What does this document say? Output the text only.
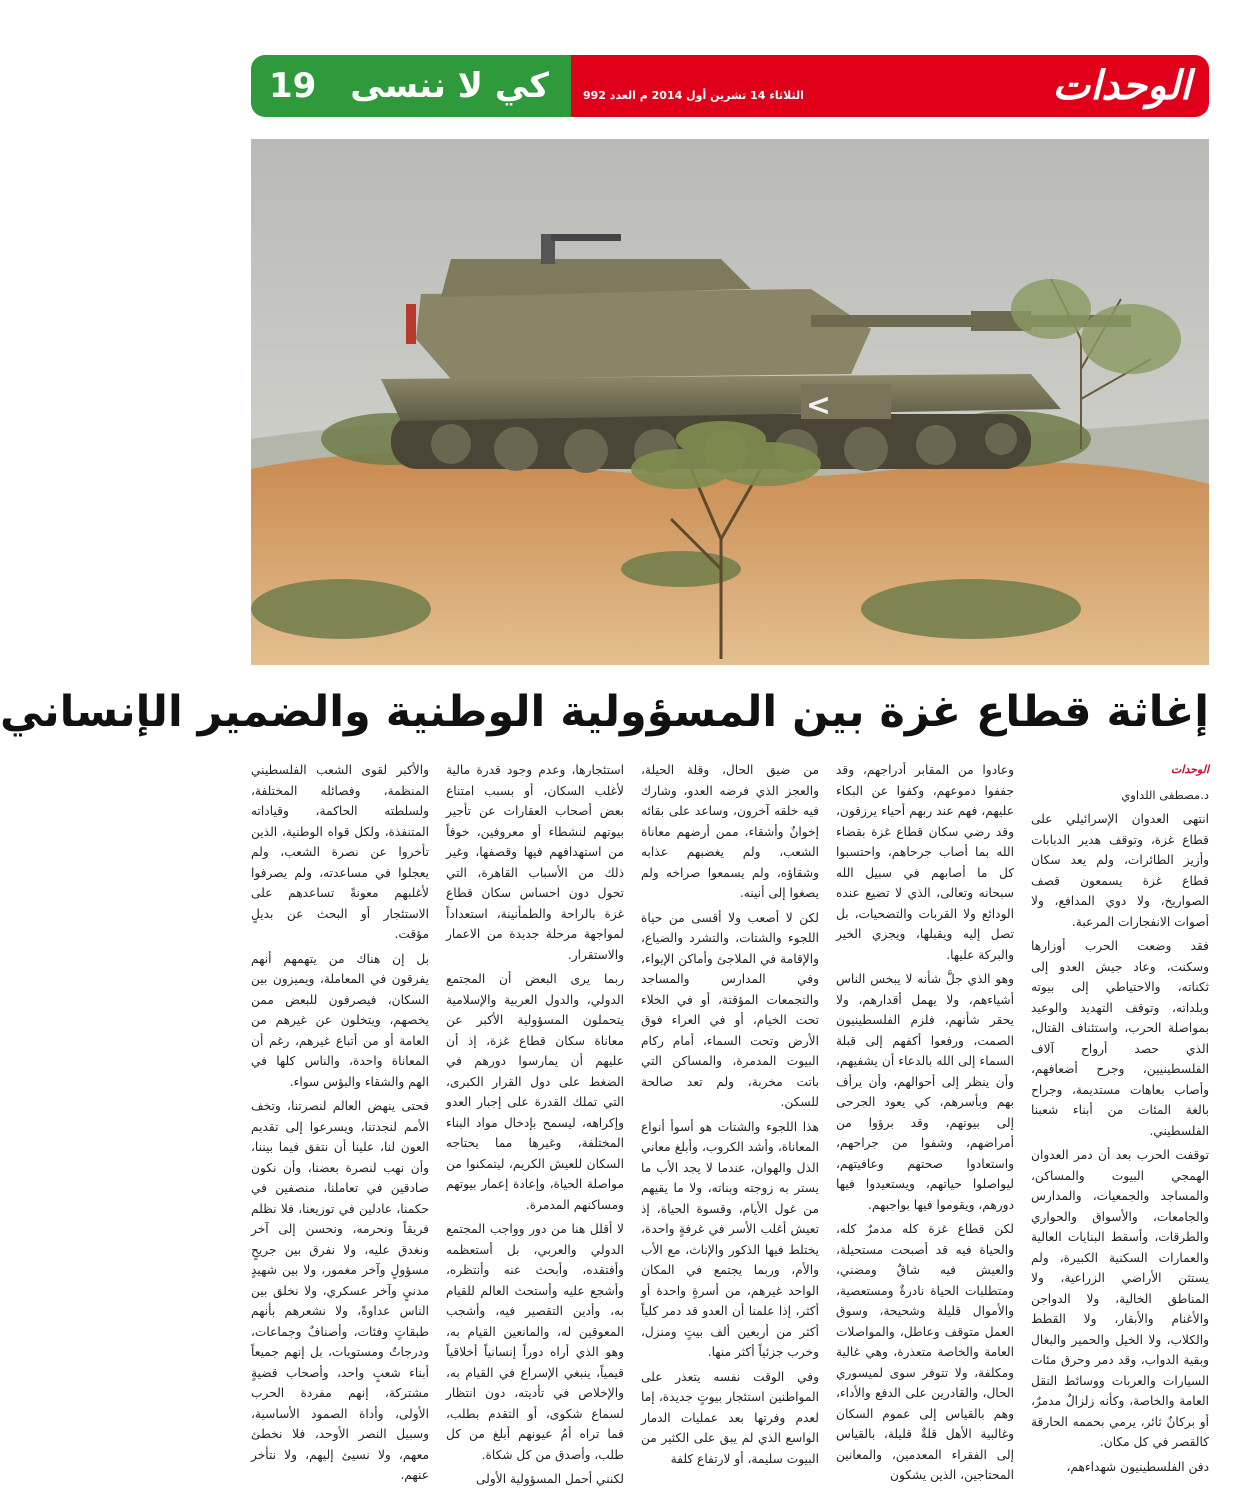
الوحدات
كي لا ننسى
19	الثلاثاء 14 تشرين أول 2014 م العدد 992
>
إغاثة قطاع غزة بين المسؤولية الوطنية والضمير الإنساني

الوحدات

د.مصطفى اللداوي

انتهى العدوان الإسرائيلي على قطاع غزة، وتوقف هدير الدبابات وأزيز الطائرات، ولم يعد سكان قطاع غزة يسمعون قصف الصواريخ، ولا دوي المدافع، ولا أصوات الانفجارات المرعبة.

فقد وضعت الحرب أوزارها وسكنت، وعاد جيش العدو إلى ثكناته، والاحتياطي إلى بيوته وبلداته، وتوقف التهديد والوعيد بمواصلة الحرب، واستئناف القتال، الذي حصد أرواح آلاف الفلسطينيين، وجرح أضعافهم، وأصاب بعاهات مستديمة، وجراح بالغة المئات من أبناء شعبنا الفلسطيني.

توقفت الحرب بعد أن دمر العدوان الهمجي البيوت والمساكن، والمساجد والجمعيات، والمدارس والجامعات، والأسواق والحواري والطرقات، وأسقط البنايات العالية والعمارات السكنية الكبيرة، ولم يستثن الأراضي الزراعية، ولا المناطق الخالية، ولا الدواجن والأغنام والأبقار، ولا القطط والكلاب، ولا الخيل والحمير والبغال وبقية الدواب، وقد دمر وحرق مئات السيارات والعربات ووسائط النقل العامة والخاصة، وكأنه زلزالٌ مدمرٌ، أو بركانٌ ثائر، يرمي بحممه الحارقة كالقصر في كل مكان.

دفن الفلسطينيون شهداءهم،

وعادوا من المقابر أدراجهم، وقد جففوا دموعهم، وكفوا عن البكاء عليهم، فهم عند ربهم أحياء يرزقون، وقد رضي سكان قطاع غزة بقضاء الله بما أصاب جرحاهم، واحتسبوا كل ما أصابهم في سبيل الله سبحانه وتعالى، الذي لا تضيع عنده الودائع ولا القربات والتضحيات، بل تصل إليه ويقبلها، ويجزي الخير والبركة عليها.

وهو الذي جلَّ شأنه لا يبخس الناس أشياءهم، ولا يهمل أقدارهم، ولا يحقر شأنهم، فلزم الفلسطينيون الصمت، ورفعوا أكفهم إلى قبلة السماء إلى الله بالدعاء أن يشفيهم، وأن ينظر إلى أحوالهم، وأن يرأف بهم وبأسرهم، كي يعود الجرحى إلى بيوتهم، وقد برؤوا من أمراضهم، وشفوا من جراحهم، واستعادوا صحتهم وعافيتهم، ليواصلوا حياتهم، ويستعيدوا فيها دورهم، ويقوموا فيها بواجبهم.

لكن قطاع غزة كله مدمرٌ كله، والحياة فيه قد أصبحت مستحيلة، والعيش فيه شاقٌ ومضني، ومتطلبات الحياة نادرةٌ ومستعصية، والأموال قليلة وشحيحة، وسوق العمل متوقف وعاطل، والمواصلات العامة والخاصة متعذرة، وهي غالية ومكلفة، ولا تتوفر سوى لميسوري الحال، والقادرين على الدفع والأداء، وهم بالقياس إلى عموم السكان وغالبية الأهل قلةٌ قليلة، بالقياس إلى الفقراء المعدمين، والمعانين المحتاجين، الذين يشكون

من ضيق الحال، وقلة الحيلة، والعجز الذي فرضه العدو، وشارك فيه خلقه آخرون، وساعد على بقائه إخوانٌ وأشقاء، ممن أرضهم معاناة الشعب، ولم يغضبهم عذابه وشقاؤه، ولم يسمعوا صراخه ولم يصغوا إلى أنينه.

لكن لا أصعب ولا أقسى من حياة اللجوء والشتات، والتشرد والضياع، والإقامة في الملاجئ وأماكن الإيواء، وفي المدارس والمساجد والتجمعات المؤقتة، أو في الخلاء تحت الخيام، أو في العراء فوق الأرض وتحت السماء، أمام ركام البيوت المدمرة، والمساكن التي باتت مخربة، ولم تعد صالحة للسكن.

هذا اللجوء والشتات هو أسوأ أنواع المعاناة، وأشد الكروب، وأبلغ معاني الذل والهوان، عندما لا يجد الأب ما يستر به زوجته وبناته، ولا ما يقيهم من غول الأيام، وقسوة الحياة، إذ تعيش أغلب الأسر في غرفةٍ واحدة، يختلط فيها الذكور والإناث، مع الأب والأم، وربما يجتمع في المكان الواحد غيرهم، من أسرةٍ واحدة أو أكثر، إذا علمنا أن العدو قد دمر كلياً أكثر من أربعين ألف بيتٍ ومنزل، وخرب جزئياً أكثر منها.

وفي الوقت نفسه يتعذر على المواطنين استئجار بيوتٍ جديدة، إما لعدم وفرتها بعد عمليات الدمار الواسع الذي لم يبق على الكثير من البيوت سليمة، أو لارتفاع كلفة

استئجارها، وعدم وجود قدرة مالية لأغلب السكان، أو بسبب امتناع بعض أصحاب العقارات عن تأجير بيوتهم لنشطاء أو معروفين، خوفاً من استهدافهم فيها وقصفها، وغير ذلك من الأسباب القاهرة، التي تحول دون احساس سكان قطاع غزة بالراحة والطمأنينة، استعداداً لمواجهة مرحلة جديدة من الاعمار والاستقرار.

ربما يرى البعض أن المجتمع الدولي، والدول العربية والإسلامية يتحملون المسؤولية الأكبر عن معاناة سكان قطاع غزة، إذ أن عليهم أن يمارسوا دورهم في الضغط على دول القرار الكبرى، التي تملك القدرة على إجبار العدو وإكراهه، ليسمح بإدخال مواد البناء المختلفة، وغيرها مما يحتاجه السكان للعيش الكريم، ليتمكنوا من مواصلة الحياة، وإعادة إعمار بيوتهم ومساكنهم المدمرة.

لا أقلل هنا من دور وواجب المجتمع الدولي والعربي، بل أستعظمه وأفتقده، وأبحث عنه وأنتظره، وأشجع عليه وأستحث العالم للقيام به، وأدين التقصير فيه، وأشجب المعوقين له، والمانعين القيام به، وهو الذي أراه دوراً إنسانياً أخلاقياً قيمياً، ينبغي الإسراع في القيام به، والإخلاص في تأديته، دون انتظار لسماع شكوى، أو التقدم بطلب، فما تراه أمُ عيونهم أبلغ من كل طلب، وأصدق من كل شكاة.

لكنني أحمل المسؤولية الأولى

والأكبر لقوى الشعب الفلسطيني المنظمة، وفصائله المختلفة، ولسلطته الحاكمة، وقياداته المتنفذة، ولكل قواه الوطنية، الذين تأخروا عن نصرة الشعب، ولم يعجلوا في مساعدته، ولم يصرفوا لأغلبهم معونةً تساعدهم على الاستئجار أو البحث عن بديلٍ مؤقت.

بل إن هناك من يتهمهم أنهم يفرقون في المعاملة، ويميزون بين السكان، فيصرفون للبعض ممن يخصهم، ويتخلون عن غيرهم من العامة أو من أتباع غيرهم، رغم أن المعاناة واحدة، والناس كلها في الهم والشقاء والبؤس سواء.

فحتى ينهض العالم لنصرتنا، وتخف الأمم لنجدتنا، ويسرعوا إلى تقديم العون لنا، علينا أن نتفق فيما بيننا، وأن نهب لنصرة بعضنا، وأن نكون صادقين في تعاملنا، منصفين في حكمنا، عادلين في توزيعنا، فلا نظلم فريقاً ونحرمه، ونحسن إلى آخر ونغدق عليه، ولا نفرق بين جريحٍ مسؤولٍ وآخر مغمور، ولا بين شهيدٍ مدنيٍ وآخر عسكري، ولا نخلق بين الناس عداوةً، ولا نشعرهم بأنهم طبقاتٍ وفئات، وأصنافٌ وجماعات، ودرجاتٌ ومستويات، بل إنهم جميعاً أبناء شعبٍ واحد، وأصحاب قضيةٍ مشتركة، إنهم مفردة الحرب الأولى، وأداة الصمود الأساسية، وسبيل النصر الأوحد، فلا نخطئ معهم، ولا نسيئ إليهم، ولا نتأخر عنهم.
